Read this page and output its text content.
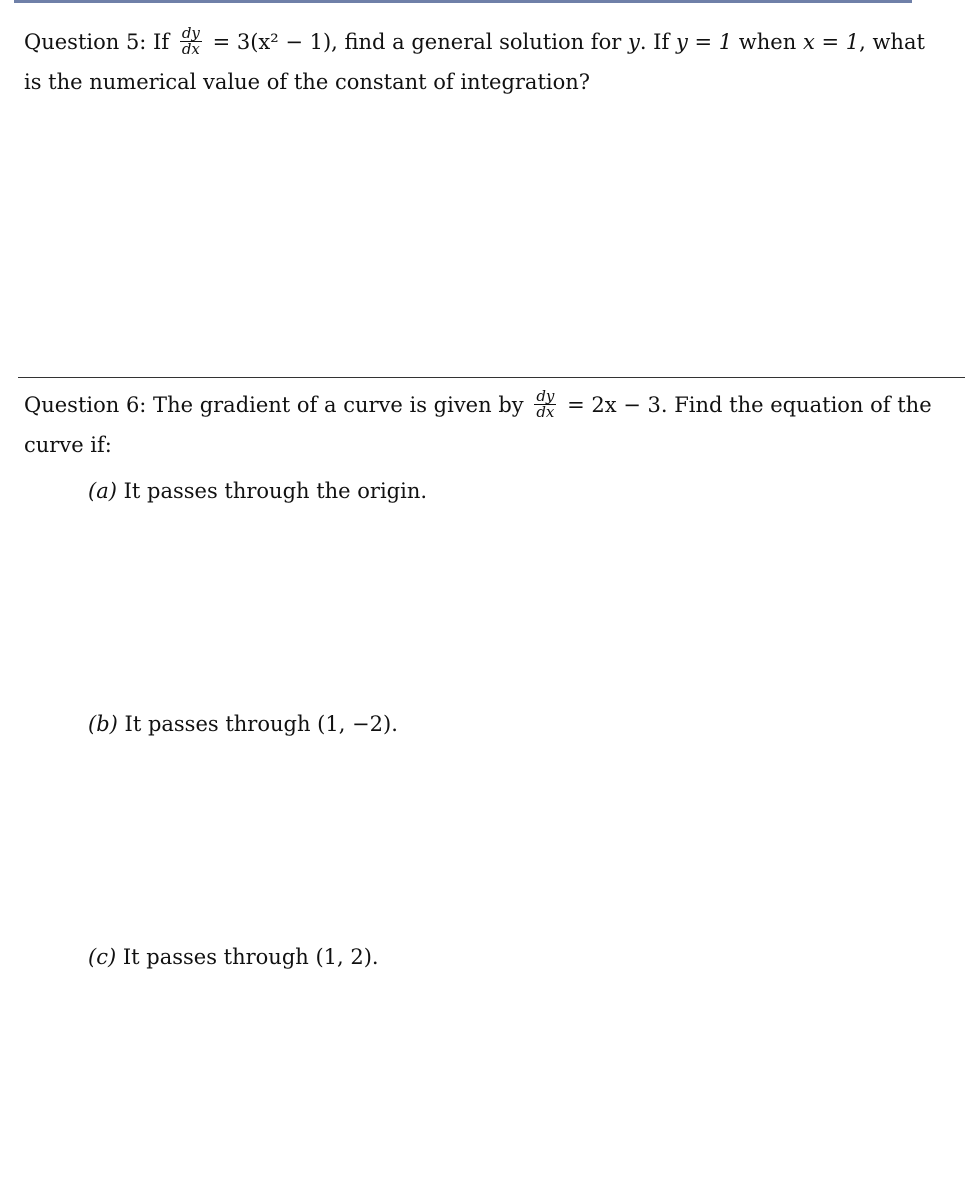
Question 5: If $\frac{dy}{dx} = 3(x^2 - 1)$, find a general solution for y. If y = 1 when x = 1, what
is the numerical value of the constant of integration?
Question 6: The gradient of a curve is given by $\frac{dy}{dx} = 2x - 3$. Find the equation of the
curve if:
(a) It passes through the origin.
(b) It passes through (1, −2).
(c) It passes through (1, 2).
